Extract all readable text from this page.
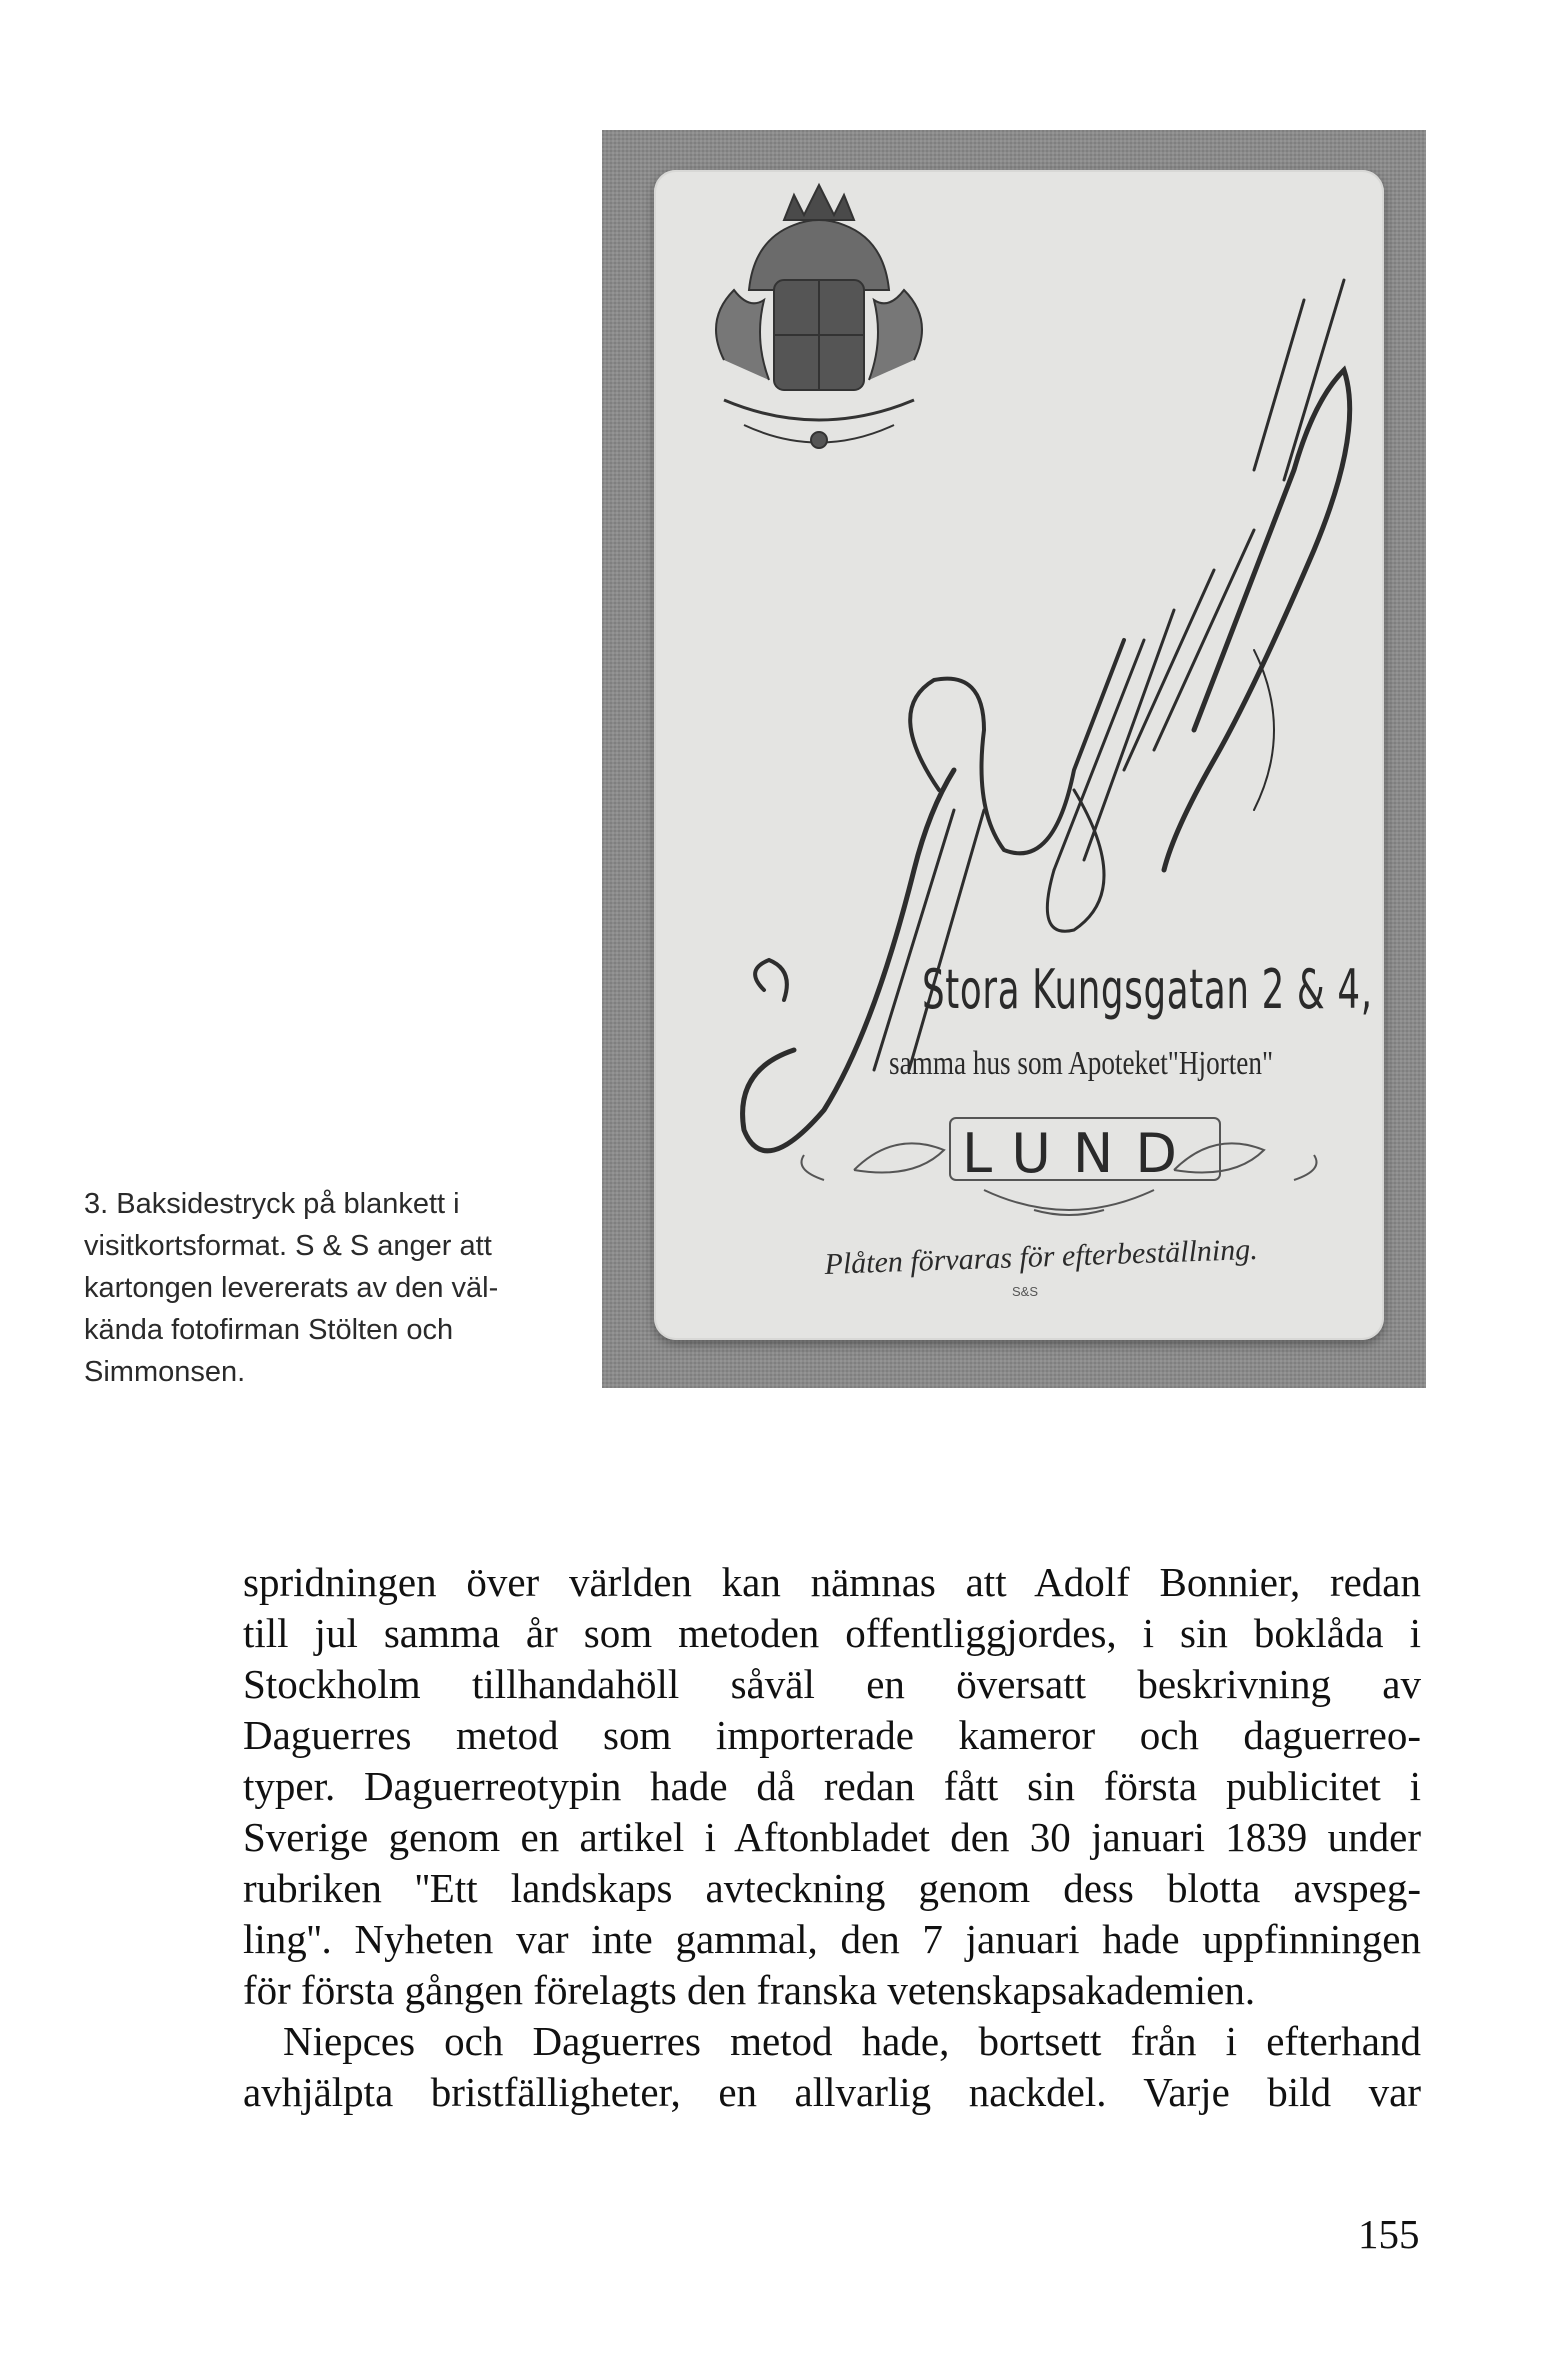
Stora Kungsgatan 2 & 4,
samma hus som Apoteket"Hjorten"
LUND
Plåten förvaras för efterbeställning.
S&S
3. Baksidestryck på blankett i
visitkortsformat. S & S anger att
kartongen levererats av den väl-
kända fotofirman Stölten och
Simmonsen.
spridningen över världen kan nämnas att Adolf Bonnier, redan
till jul samma år som metoden offentliggjordes, i sin boklåda i
Stockholm tillhandahöll såväl en översatt beskrivning av
Daguerres metod som importerade kameror och daguerreo-
typer. Daguerreotypin hade då redan fått sin första publicitet i
Sverige genom en artikel i Aftonbladet den 30 januari 1839 under
rubriken ''Ett landskaps avteckning genom dess blotta avspeg-
ling''. Nyheten var inte gammal, den 7 januari hade uppfinningen
för första gången förelagts den franska vetenskapsakademien.
Niepces och Daguerres metod hade, bortsett från i efterhand
avhjälpta bristfälligheter, en allvarlig nackdel. Varje bild var
155
